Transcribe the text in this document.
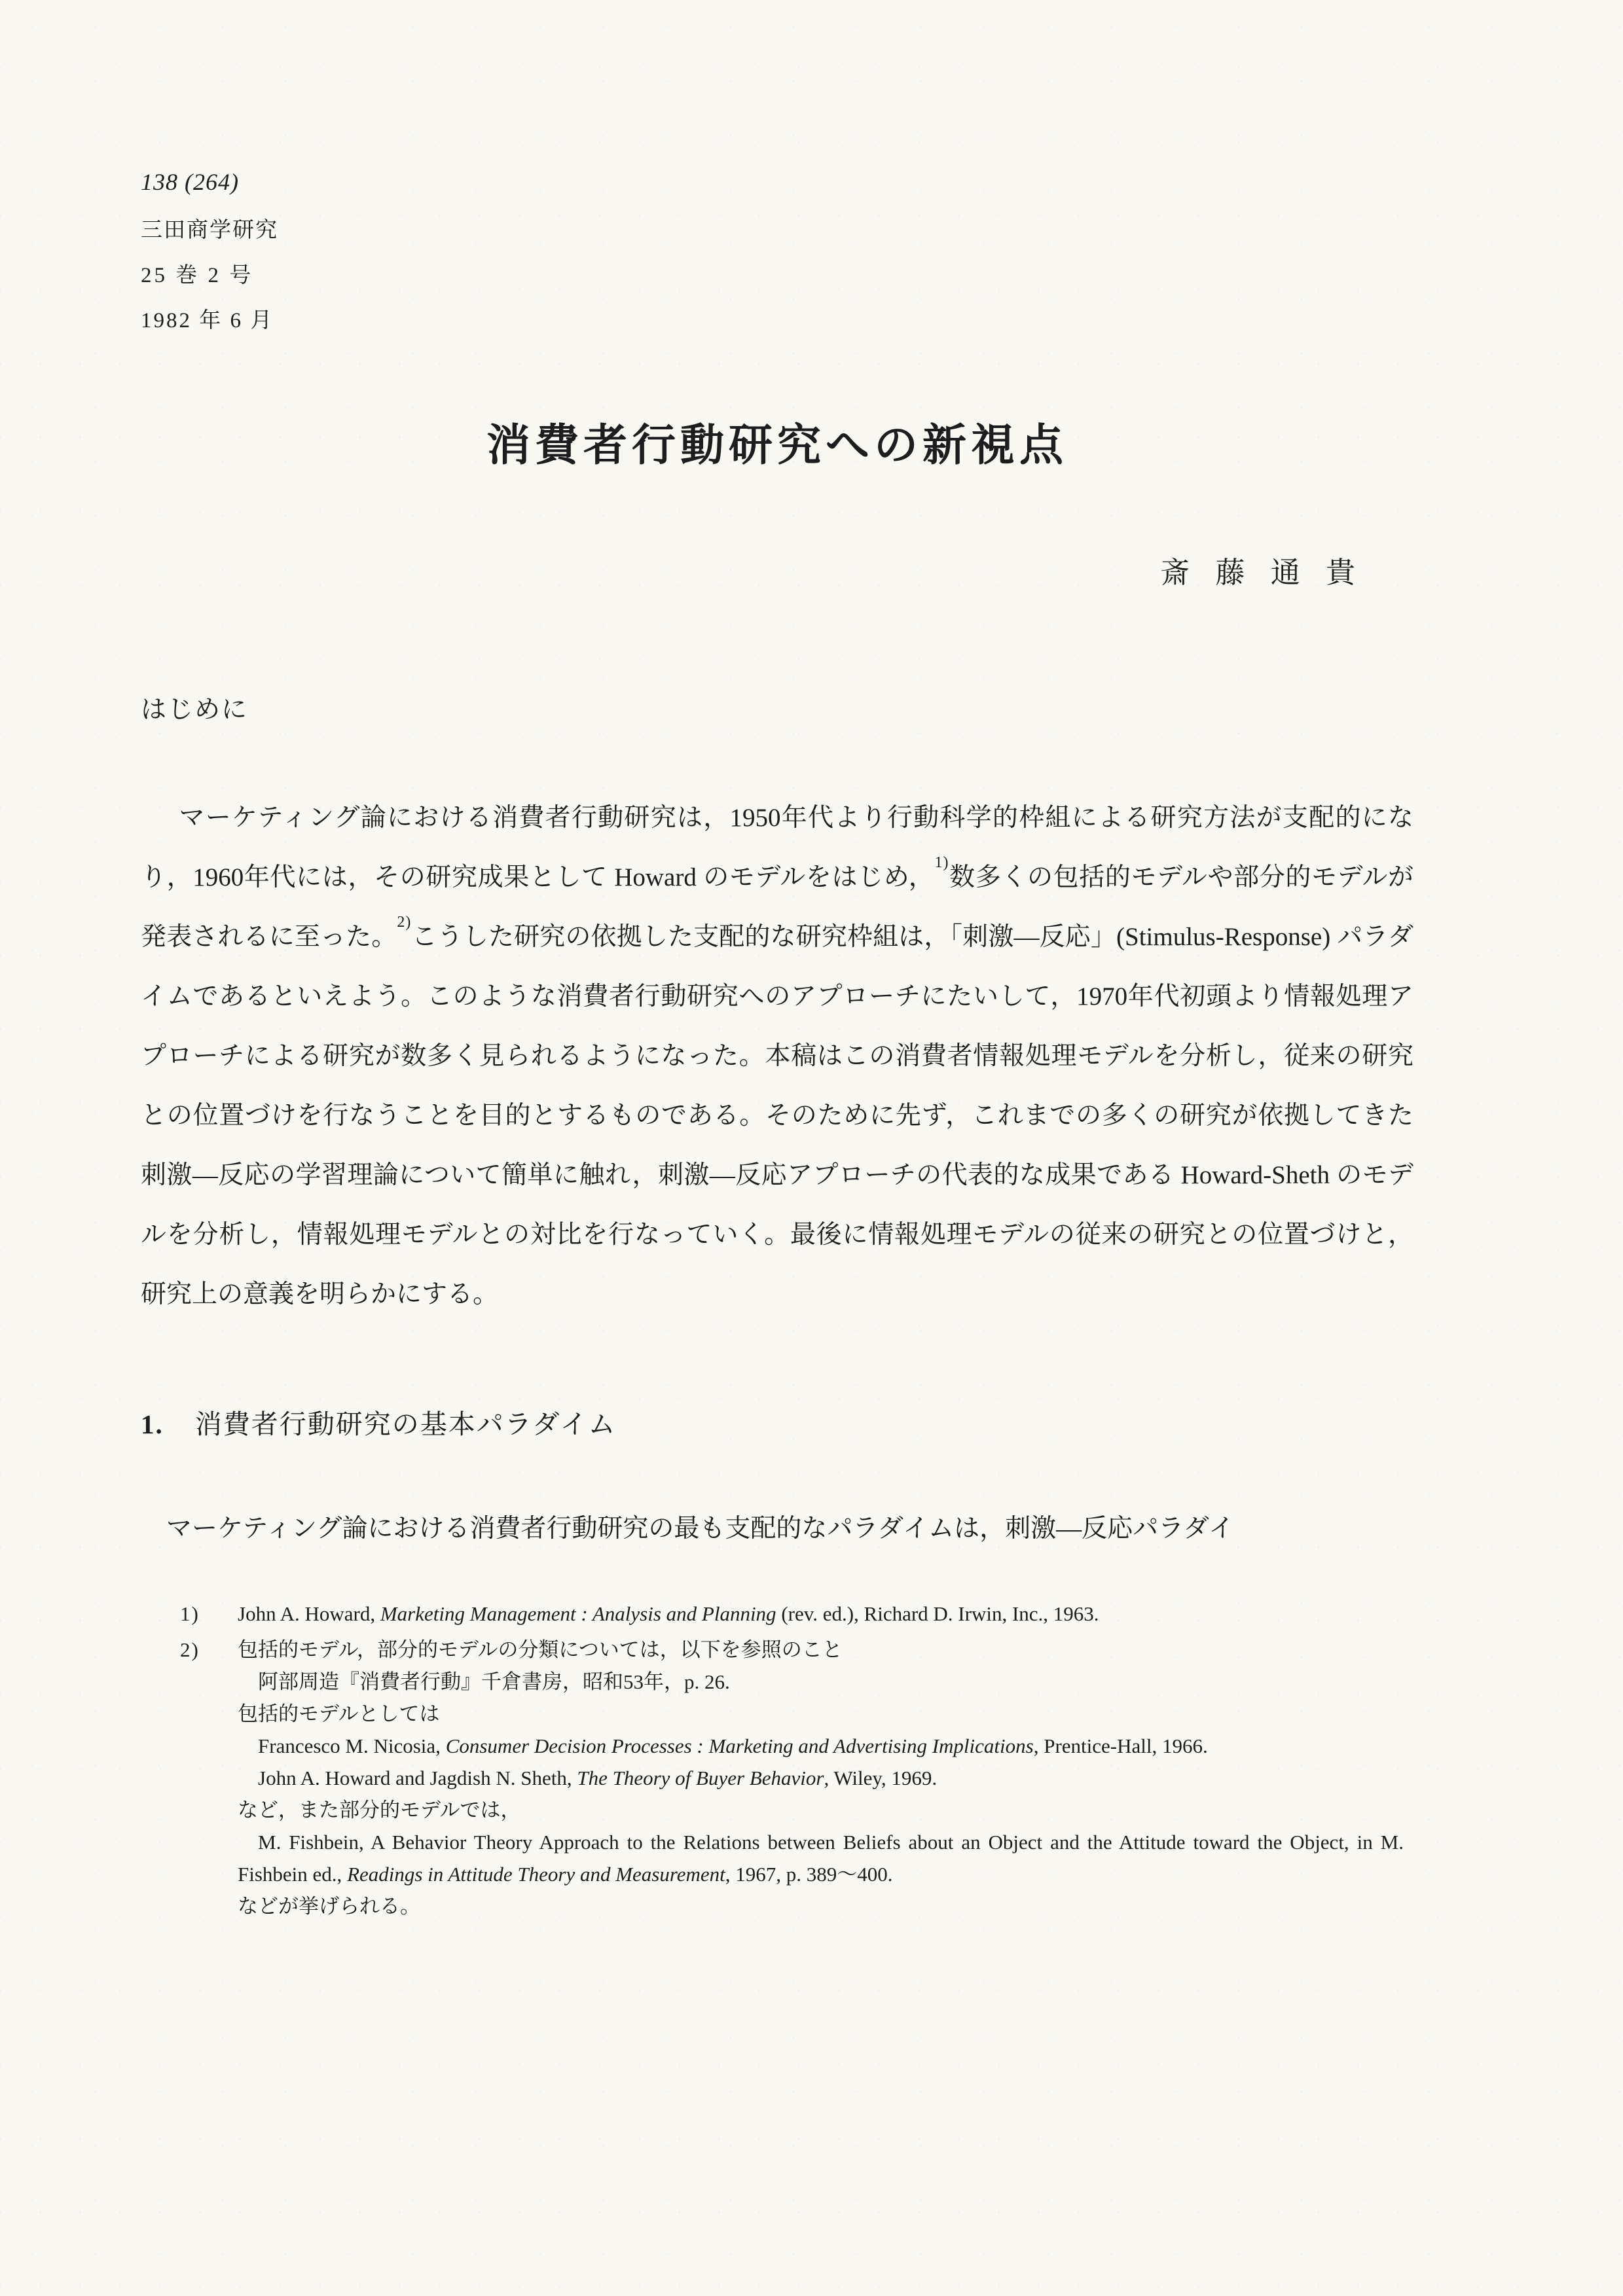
138 (264)
三田商学研究
25 巻 2 号
1982 年 6 月
消費者行動研究への新視点
斎 藤 通 貴
はじめに
マーケティング論における消費者行動研究は，1950年代より行動科学的枠組による研究方法が支配的になり，1960年代には，その研究成果として Howard のモデルをはじめ，$^{1)}$数多くの包括的モデルや部分的モデルが発表されるに至った。$^{2)}$こうした研究の依拠した支配的な研究枠組は，「刺激―反応」(Stimulus-Response) パラダイムであるといえよう。このような消費者行動研究へのアプローチにたいして，1970年代初頭より情報処理アプローチによる研究が数多く見られるようになった。本稿はこの消費者情報処理モデルを分析し，従来の研究との位置づけを行なうことを目的とするものである。そのために先ず，これまでの多くの研究が依拠してきた刺激―反応の学習理論について簡単に触れ，刺激―反応アプローチの代表的な成果である Howard-Sheth のモデルを分析し，情報処理モデルとの対比を行なっていく。最後に情報処理モデルの従来の研究との位置づけと，研究上の意義を明らかにする。
1. 消費者行動研究の基本パラダイム
マーケティング論における消費者行動研究の最も支配的なパラダイムは，刺激―反応パラダイ
1) John A. Howard, Marketing Management : Analysis and Planning (rev. ed.), Richard D. Irwin, Inc., 1963.
2) 包括的モデル，部分的モデルの分類については，以下を参照のこと
阿部周造『消費者行動』千倉書房，昭和53年，p. 26.
包括的モデルとしては
Francesco M. Nicosia, Consumer Decision Processes : Marketing and Advertising Implications, Prentice-Hall, 1966.
John A. Howard and Jagdish N. Sheth, The Theory of Buyer Behavior, Wiley, 1969.
など，また部分的モデルでは，
M. Fishbein, A Behavior Theory Approach to the Relations between Beliefs about an Object and the Attitude toward the Object, in M. Fishbein ed., Readings in Attitude Theory and Measurement, 1967, p. 389～400.
などが挙げられる。
